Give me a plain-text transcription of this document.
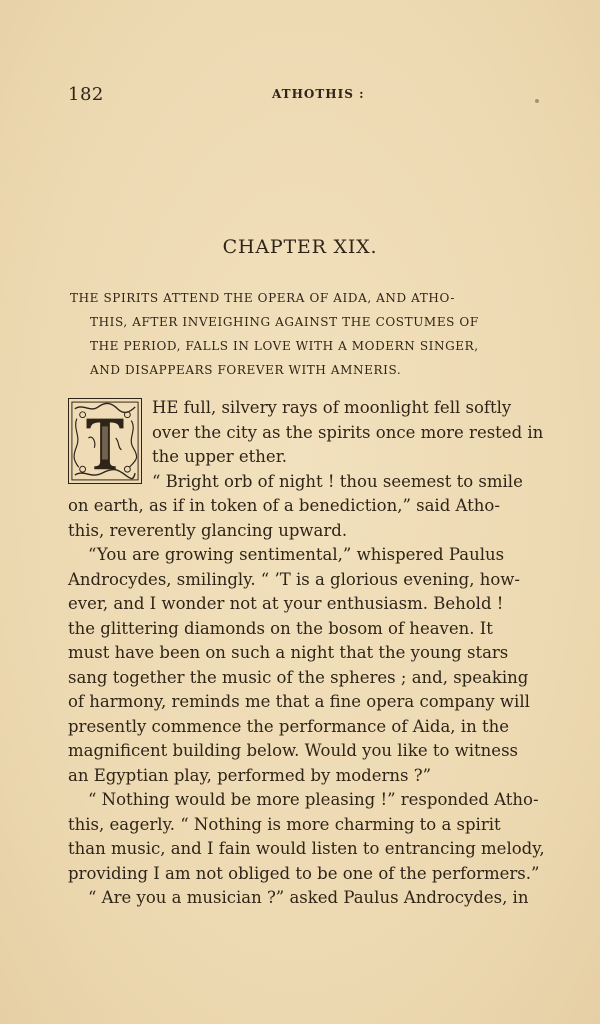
182	ATHOTHIS :
CHAPTER XIX.
THE SPIRITS ATTEND THE OPERA OF AIDA, AND ATHO-
THIS, AFTER INVEIGHING AGAINST THE COSTUMES OF
THE PERIOD, FALLS IN LOVE WITH A MODERN SINGER,
AND DISAPPEARS FOREVER WITH AMNERIS.
HE full, silvery rays of moonlight fell softly
over the city as the spirits once more rested in
the upper ether.
“ Bright orb of night ! thou seemest to smile
on earth, as if in token of a benediction,” said Atho-
this, reverently glancing upward.
“You are growing sentimental,” whispered Paulus
Androcydes, smilingly. “ ’T is a glorious evening, how-
ever, and I wonder not at your enthusiasm. Behold !
the glittering diamonds on the bosom of heaven. It
must have been on such a night that the young stars
sang together the music of the spheres ; and, speaking
of harmony, reminds me that a fine opera company will
presently commence the performance of Aida, in the
magnificent building below. Would you like to witness
an Egyptian play, performed by moderns ?”
“ Nothing would be more pleasing !” responded Atho-
this, eagerly. “ Nothing is more charming to a spirit
than music, and I fain would listen to entrancing melody,
providing I am not obliged to be one of the performers.”
“ Are you a musician ?” asked Paulus Androcydes, in
